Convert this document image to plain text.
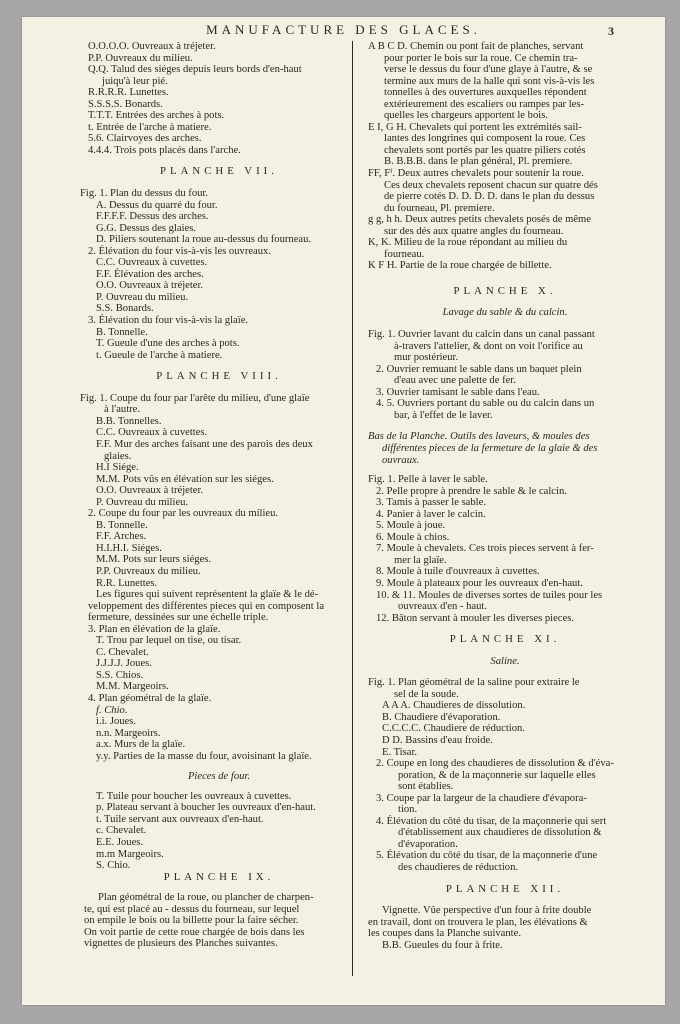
MANUFACTURE DES GLACES.	3
O.O.O.O. Ouvreaux à tréjeter.
P.P. Ouvreaux du milieu.
Q.Q. Talud des siéges depuis leurs bords d'en-haut
juiqu'à leur pié.
R.R.R.R. Lunettes.
S.S.S.S. Bonards.
T.T.T. Entrées des arches à pots.
t. Entrée de l'arche à matiere.
5.6. Clairvoyes des arches.
4.4.4. Trois pots placés dans l'arche.
PLANCHE VII.
Fig. 1. Plan du dessus du four.
A. Dessus du quarré du four.
F.F.F.F. Dessus des arches.
G.G. Dessus des glaies.
D. Piliers soutenant la roue au-dessus du fourneau.
2. Élévation du four vis-à-vis les ouvreaux.
C.C. Ouvreaux à cuvettes.
F.F. Élévation des arches.
O.O. Ouvreaux à tréjeter.
P. Ouvreau du milieu.
S.S. Bonards.
3. Élévation du four vis-à-vis la glaïe.
B. Tonnelle.
T. Gueule d'une des arches à pots.
t. Gueule de l'arche à matiere.
PLANCHE VIII.
Fig. 1. Coupe du four par l'arête du milieu, d'une glaïe
à l'autre.
B.B. Tonnelles.
C.C. Ouvreaux à cuvettes.
F.F. Mur des arches faisant une des parois des deux
glaies.
H.I Siége.
M.M. Pots vûs en élévation sur les siéges.
O.O. Ouvreaux à tréjeter.
P. Ouvreau du milieu.
2. Coupe du four par les ouvreaux du milieu.
B. Tonnelle.
F.F. Arches.
H.I.H.I. Siéges.
M.M. Pots sur leurs siéges.
P.P. Ouvreaux du milieu.
R.R. Lunettes.
Les figures qui suivent représentent la glaïe & le dé-
veloppement des différentes pieces qui en composent la
fermeture, dessinées sur une échelle triple.
3. Plan en élévation de la glaïe.
T. Trou par lequel on tise, ou tisar.
C. Chevalet.
J.J.J.J. Joues.
S.S. Chios.
M.M. Margeoirs.
4. Plan géométral de la glaïe.
f. Chio.
i.i. Joues.
n.n. Margeoirs.
a.x. Murs de la glaïe.
y.y. Parties de la masse du four, avoisinant la glaïe.
Pieces de four.
T. Tuile pour boucher les ouvreaux à cuvettes.
p. Plateau servant à boucher les ouvreaux d'en-haut.
t. Tuile servant aux ouvreaux d'en-haut.
c. Chevalet.
E.E. Joues.
m.m Margeoirs.
S. Chio.
PLANCHE IX.
Plan géométral de la roue, ou plancher de charpen-
te, qui est placé au - dessus du fourneau, sur lequel
on empile le bois ou la billette pour la faire sécher.
On voit partie de cette roue chargée de bois dans les
vignettes de plusieurs des Planches suivantes.
A B C D. Chemin ou pont fait de planches, servant
pour porter le bois sur la roue. Ce chemin tra-
verse le dessus du four d'une glaye à l'autre, & se
termine aux murs de la halle qui sont vis-à-vis les
tonnelles à des ouvertures auxquelles répondent
extérieurement des escaliers ou rampes par les-
quelles les chargeurs apportent le bois.
E I, G H. Chevalets qui portent les extrémités sail-
lantes des longrines qui composent la roue. Ces
chevalets sont portés par les quatre piliers cotés
B. B.B.B. dans le plan général, Pl. premiere.
FF, Fᶠ. Deux autres chevalets pour soutenir la roue.
Ces deux chevalets reposent chacun sur quatre dés
de pierre cotés D. D. D. D. dans le plan du dessus
du fourneau, Pl. premiere.
g g, h h. Deux autres petits chevalets posés de même
sur des dés aux quatre angles du fourneau.
K, K. Milieu de la roue répondant au milieu du
fourneau.
K F H. Partie de la roue chargée de billette.
PLANCHE X.
Lavage du sable & du calcin.
Fig. 1. Ouvrier lavant du calcin dans un canal passant
à-travers l'attelier, & dont on voit l'orifice au
mur postérieur.
2. Ouvrier remuant le sable dans un baquet plein
d'eau avec une palette de fer.
3. Ouvrier tamisant le sable dans l'eau.
4. 5. Ouvriers portant du sable ou du calcin dans un
bar, à l'effet de le laver.
Bas de la Planche. Outils des laveurs, & moules des
différentes pieces de la fermeture de la glaie & des
ouvraux.
Fig. 1. Pelle à laver le sable.
2. Pelle propre à prendre le sable & le calcin.
3. Tamis à passer le sable.
4. Panier à laver le calcin.
5. Moule à joue.
6. Moule à chios.
7. Moule à chevalets. Ces trois pieces servent à fer-
mer la glaïe.
8. Moule à tuile d'ouvreaux à cuvettes.
9. Moule à plateaux pour les ouvreaux d'en-haut.
10. & 11. Moules de diverses sortes de tuiles pour les
ouvreaux d'en - haut.
12. Bâton servant à mouler les diverses pieces.
PLANCHE XI.
Saline.
Fig. 1. Plan géométral de la saline pour extraire le
sel de la soude.
A A A. Chaudieres de dissolution.
B. Chaudiere d'évaporation.
C.C.C.C. Chaudiere de réduction.
D D. Bassins d'eau froide.
E. Tisar.
2. Coupe en long des chaudieres de dissolution & d'éva-
poration, & de la maçonnerie sur laquelle elles
sont établies.
3. Coupe par la largeur de la chaudiere d'évapora-
tion.
4. Élévation du côté du tisar, de la maçonnerie qui sert
d'établissement aux chaudieres de dissolution &
d'évaporation.
5. Élévation du côté du tisar, de la maçonnerie d'une
des chaudieres de réduction.
PLANCHE XII.
Vignette. Vûe perspective d'un four à frite double
en travail, dont on trouvera le plan, les élévations &
les coupes dans la Planche suivante.
B.B. Gueules du four à frite.
